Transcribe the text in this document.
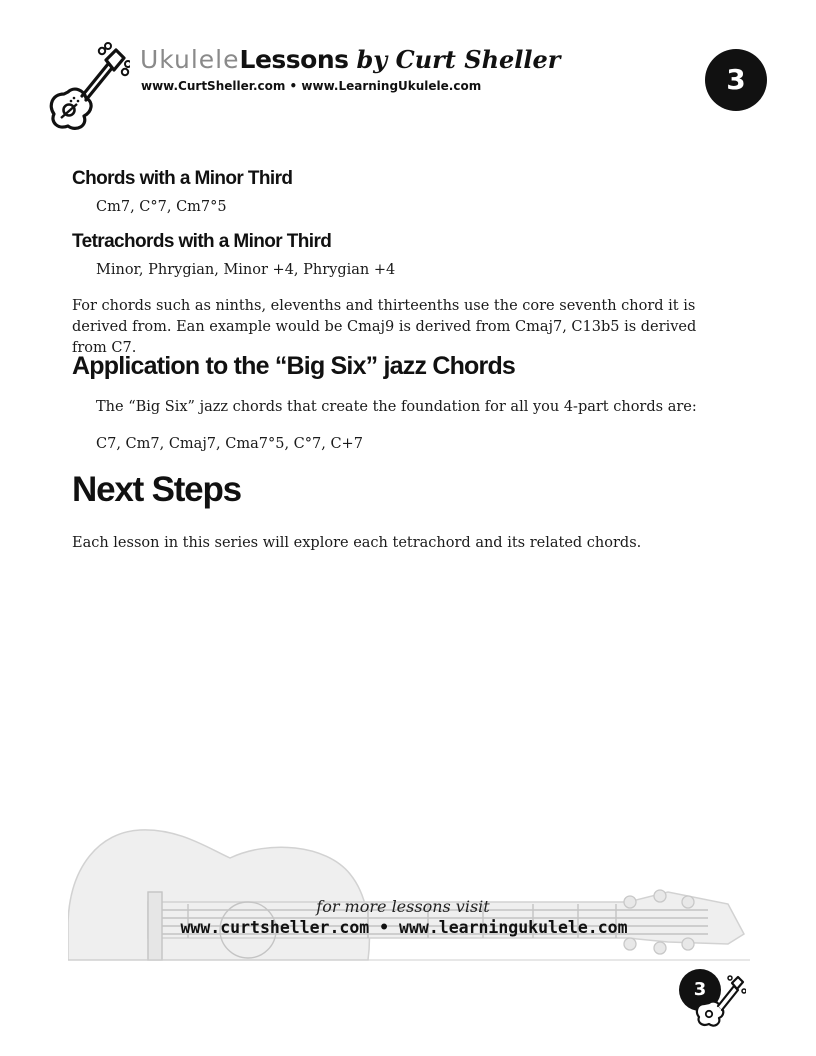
UkuleleLessons by Curt Sheller
www.CurtSheller.com • www.LearningUkulele.com	3
Chords with a Minor Third
Cm7, C°7, Cm7°5
Tetrachords with a Minor Third
Minor, Phrygian, Minor +4, Phrygian +4
For chords such as ninths, elevenths and thirteenths use the core seventh chord it is derived from. Ean example would be Cmaj9 is derived from Cmaj7, C13b5 is derived from C7.
Application to the “Big Six” jazz Chords
The “Big Six” jazz chords that create the foundation for all you 4-part chords are:
C7, Cm7, Cmaj7, Cma7°5, C°7, C+7
Next Steps
Each lesson in this series will explore each tetrachord and its related chords.
for more lessons visit
www.curtsheller.com • www.learningukulele.com
3
